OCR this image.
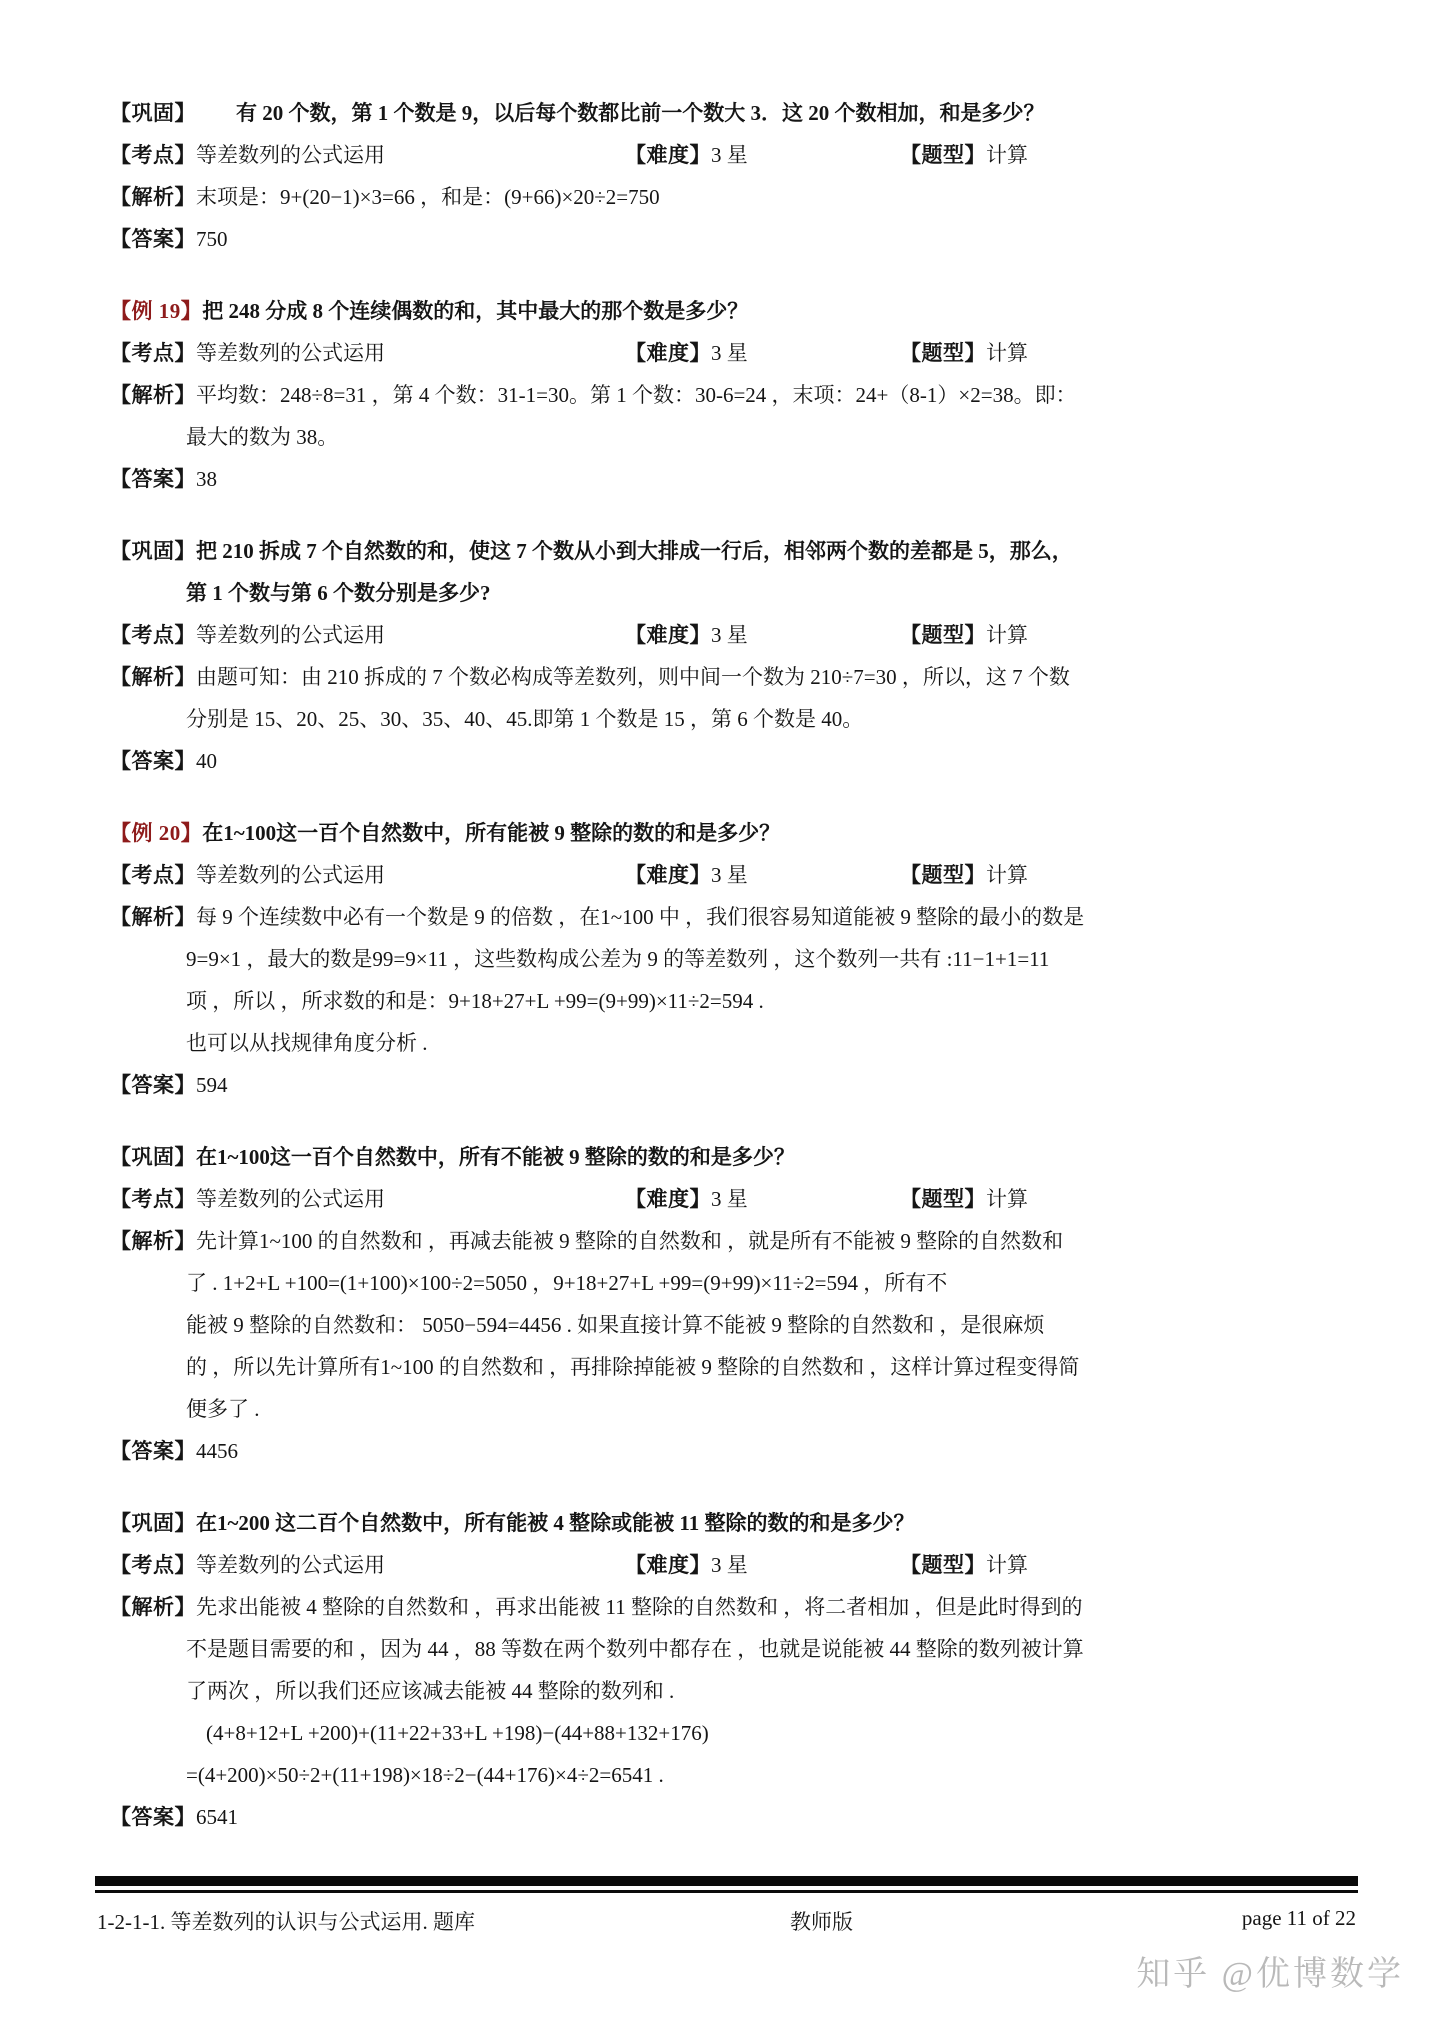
【巩固】 有 20 个数，第 1 个数是 9，以后每个数都比前一个数大 3．这 20 个数相加，和是多少？
【考点】等差数列的公式运用	【难度】3 星	【题型】计算
【解析】末项是：9+(20−1)×3=66 ，和是：(9+66)×20÷2=750
【答案】750
【例 19】把 248 分成 8 个连续偶数的和，其中最大的那个数是多少？
【考点】等差数列的公式运用	【难度】3 星	【题型】计算
【解析】平均数：248÷8=31 ，第 4 个数：31-1=30。第 1 个数：30-6=24 ，末项：24+（8-1）×2=38。即：
最大的数为 38。
【答案】38
【巩固】把 210 拆成 7 个自然数的和，使这 7 个数从小到大排成一行后，相邻两个数的差都是 5，那么，
第 1 个数与第 6 个数分别是多少?
【考点】等差数列的公式运用	【难度】3 星	【题型】计算
【解析】由题可知：由 210 拆成的 7 个数必构成等差数列，则中间一个数为 210÷7=30 ，所以，这 7 个数
分别是 15、20、25、30、35、40、45.即第 1 个数是 15 ，第 6 个数是 40。
【答案】40
【例 20】在1~100这一百个自然数中，所有能被 9 整除的数的和是多少？
【考点】等差数列的公式运用	【难度】3 星	【题型】计算
【解析】每 9 个连续数中必有一个数是 9 的倍数 ，在1~100 中 ，我们很容易知道能被 9 整除的最小的数是
9=9×1 ，最大的数是99=9×11 ，这些数构成公差为 9 的等差数列 ，这个数列一共有 :11−1+1=11
项 ，所以 ，所求数的和是：9+18+27+L +99=(9+99)×11÷2=594 .
也可以从找规律角度分析 .
【答案】594
【巩固】在1~100这一百个自然数中，所有不能被 9 整除的数的和是多少？
【考点】等差数列的公式运用	【难度】3 星	【题型】计算
【解析】先计算1~100 的自然数和 ，再减去能被 9 整除的自然数和 ，就是所有不能被 9 整除的自然数和
了 . 1+2+L +100=(1+100)×100÷2=5050 ，9+18+27+L +99=(9+99)×11÷2=594 ，所有不
能被 9 整除的自然数和： 5050−594=4456 . 如果直接计算不能被 9 整除的自然数和 ，是很麻烦
的 ，所以先计算所有1~100 的自然数和 ，再排除掉能被 9 整除的自然数和 ，这样计算过程变得简
便多了 .
【答案】4456
【巩固】在1~200 这二百个自然数中，所有能被 4 整除或能被 11 整除的数的和是多少？
【考点】等差数列的公式运用	【难度】3 星	【题型】计算
【解析】先求出能被 4 整除的自然数和 ，再求出能被 11 整除的自然数和 ，将二者相加 ，但是此时得到的
不是题目需要的和 ，因为 44 ，88 等数在两个数列中都存在 ，也就是说能被 44 整除的数列被计算
了两次 ，所以我们还应该减去能被 44 整除的数列和 .
(4+8+12+L +200)+(11+22+33+L +198)−(44+88+132+176)
=(4+200)×50÷2+(11+198)×18÷2−(44+176)×4÷2=6541 .
【答案】6541
1-2-1-1. 等差数列的认识与公式运用. 题库	教师版	page 11 of 22
知乎 @优博数学
